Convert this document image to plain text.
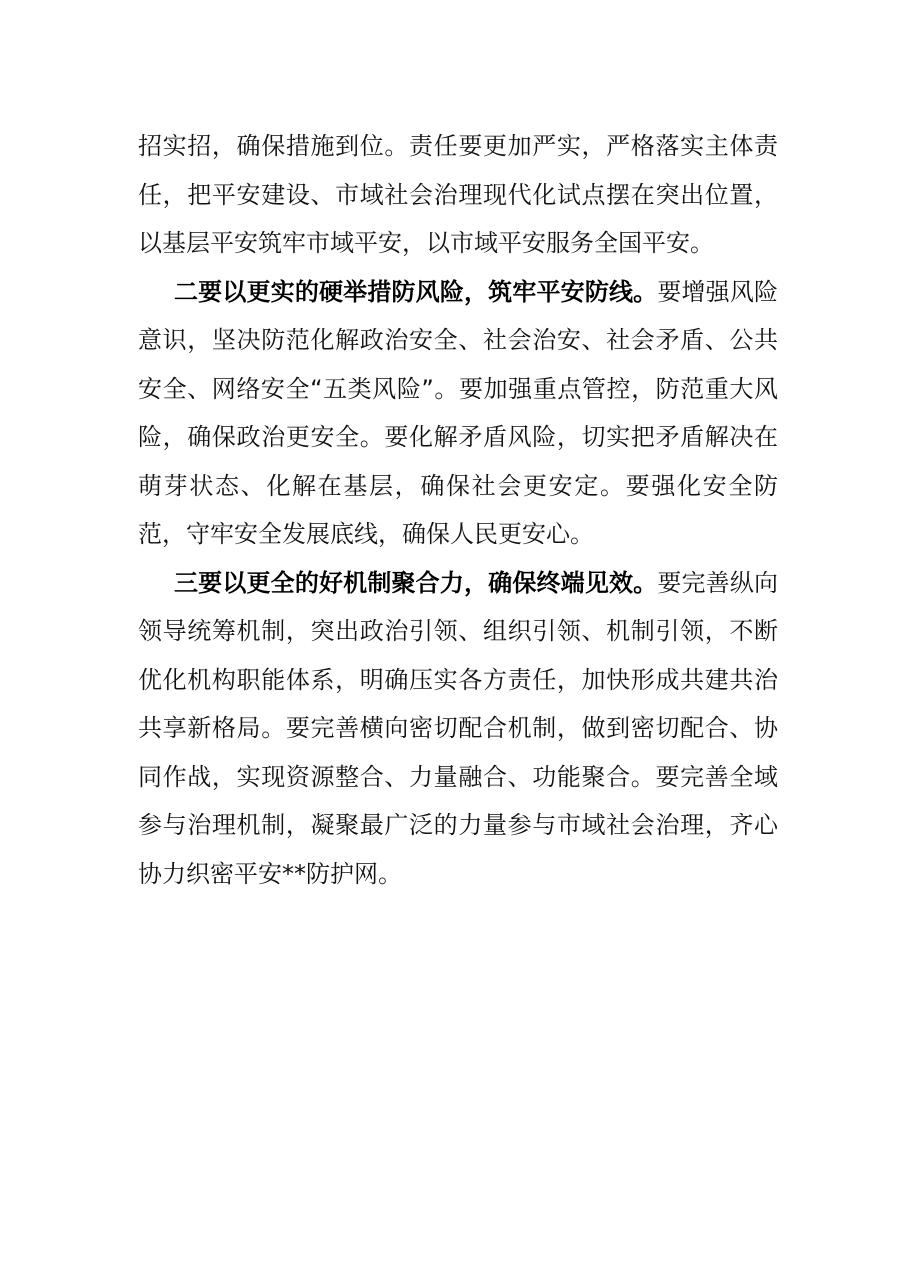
招实招，确保措施到位。责任要更加严实，严格落实主体责任，把平安建设、市域社会治理现代化试点摆在突出位置，以基层平安筑牢市域平安，以市域平安服务全国平安。

二要以更实的硬举措防风险，筑牢平安防线。要增强风险意识，坚决防范化解政治安全、社会治安、社会矛盾、公共安全、网络安全“五类风险”。要加强重点管控，防范重大风险，确保政治更安全。要化解矛盾风险，切实把矛盾解决在萌芽状态、化解在基层，确保社会更安定。要强化安全防范，守牢安全发展底线，确保人民更安心。

三要以更全的好机制聚合力，确保终端见效。要完善纵向领导统筹机制，突出政治引领、组织引领、机制引领，不断优化机构职能体系，明确压实各方责任，加快形成共建共治共享新格局。要完善横向密切配合机制，做到密切配合、协同作战，实现资源整合、力量融合、功能聚合。要完善全域参与治理机制，凝聚最广泛的力量参与市域社会治理，齐心协力织密平安**防护网。
